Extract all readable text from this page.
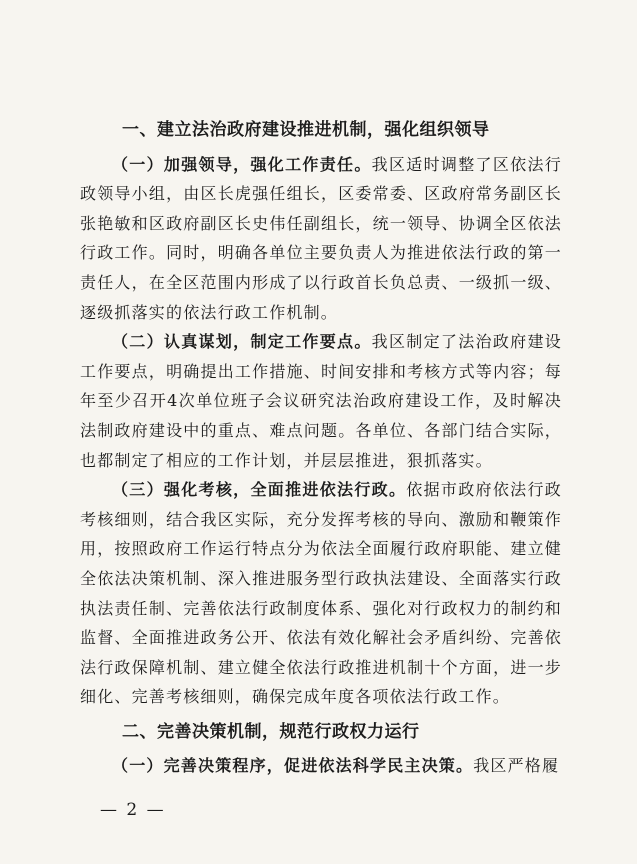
一、建立法治政府建设推进机制，强化组织领导

（一）加强领导，强化工作责任。我区适时调整了区依法行政领导小组，由区长虎强任组长，区委常委、区政府常务副区长张艳敏和区政府副区长史伟任副组长，统一领导、协调全区依法行政工作。同时，明确各单位主要负责人为推进依法行政的第一责任人，在全区范围内形成了以行政首长负总责、一级抓一级、逐级抓落实的依法行政工作机制。

（二）认真谋划，制定工作要点。我区制定了法治政府建设工作要点，明确提出工作措施、时间安排和考核方式等内容；每年至少召开4次单位班子会议研究法治政府建设工作，及时解决法制政府建设中的重点、难点问题。各单位、各部门结合实际，也都制定了相应的工作计划，并层层推进，狠抓落实。

（三）强化考核，全面推进依法行政。依据市政府依法行政考核细则，结合我区实际，充分发挥考核的导向、激励和鞭策作用，按照政府工作运行特点分为依法全面履行政府职能、建立健全依法决策机制、深入推进服务型行政执法建设、全面落实行政执法责任制、完善依法行政制度体系、强化对行政权力的制约和监督、全面推进政务公开、依法有效化解社会矛盾纠纷、完善依法行政保障机制、建立健全依法行政推进机制十个方面，进一步细化、完善考核细则，确保完成年度各项依法行政工作。

二、完善决策机制，规范行政权力运行

（一）完善决策程序，促进依法科学民主决策。我区严格履

— 2 —
